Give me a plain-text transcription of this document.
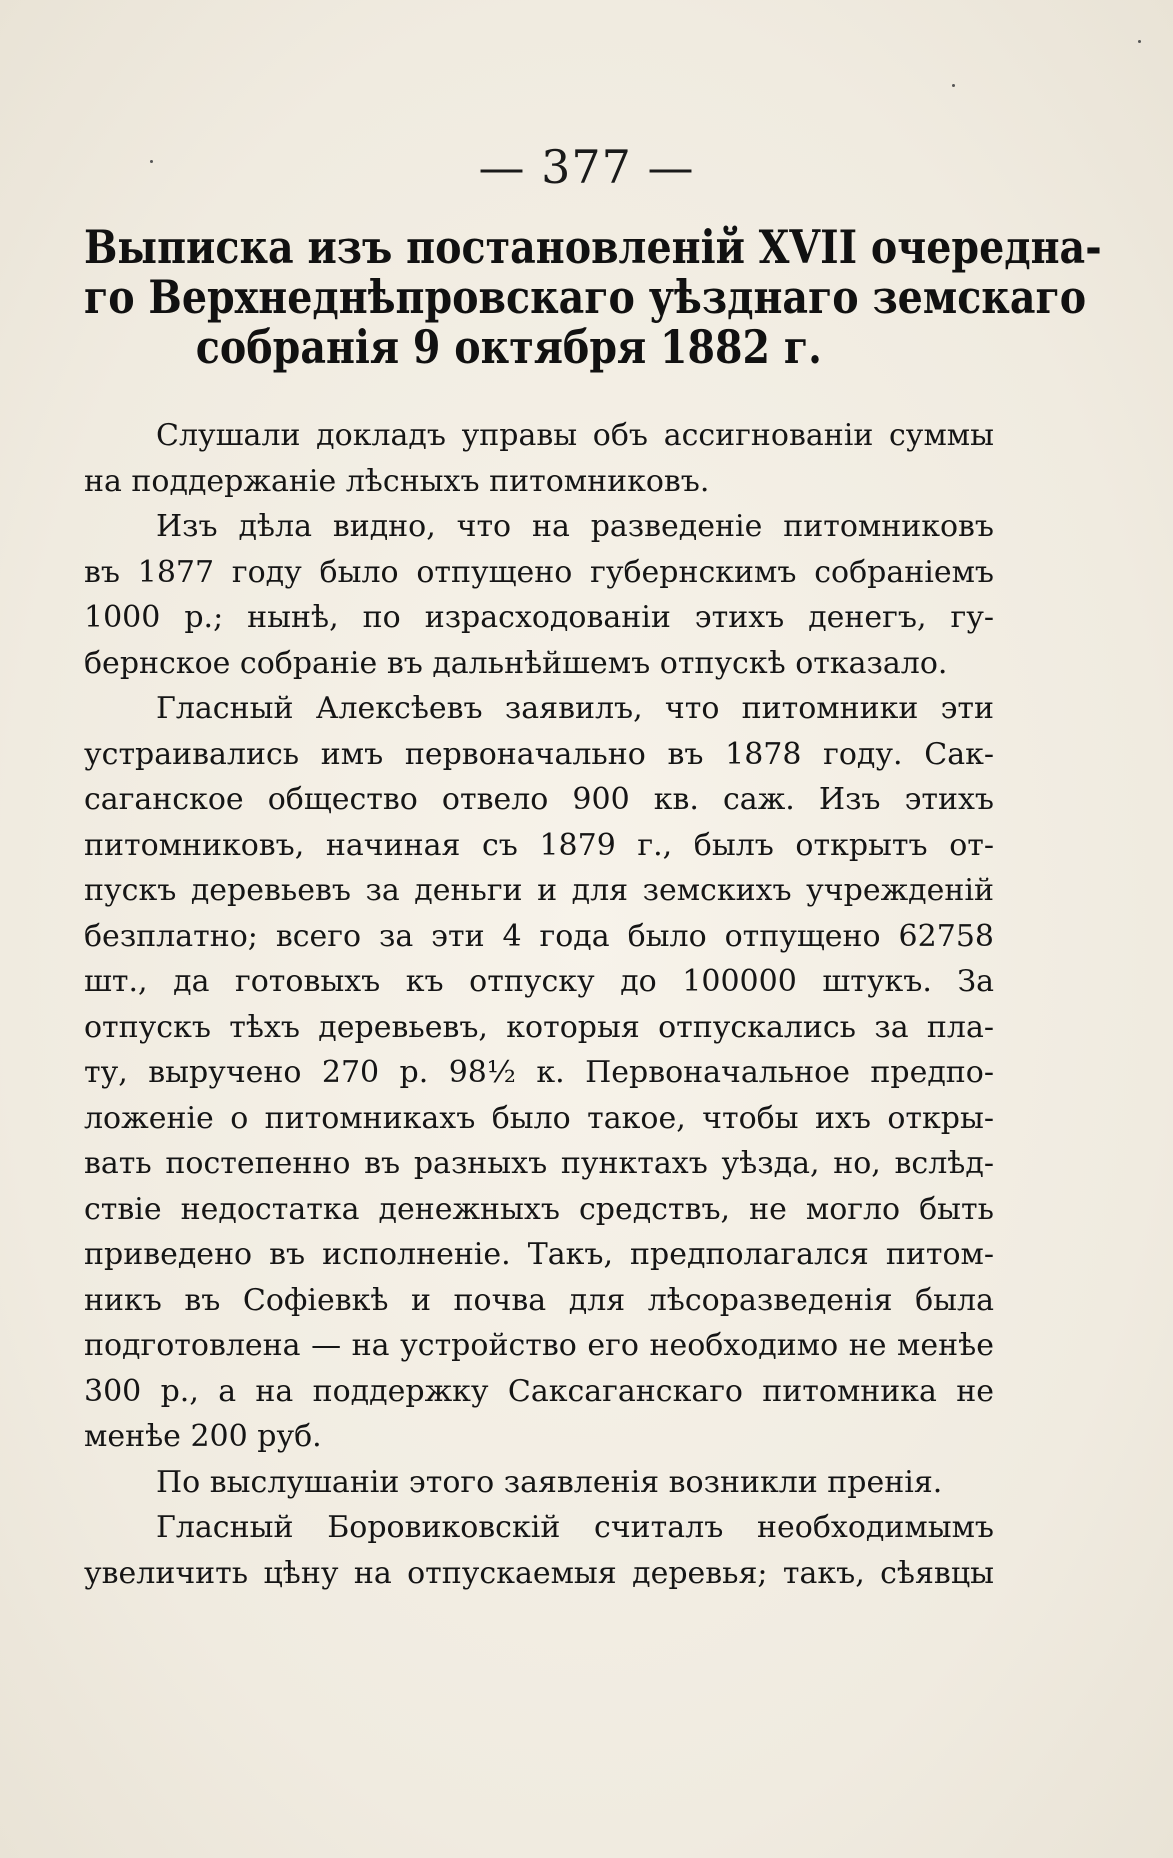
— 377 —
Выписка изъ постановленій XVII очередна-
го Верхнеднѣпровскаго уѣзднаго земскаго
собранія 9 октября 1882 г.
Слушали докладъ управы объ ассигнованіи суммы
на поддержаніе лѣсныхъ питомниковъ.
Изъ дѣла видно, что на разведеніе питомниковъ
въ 1877 году было отпущено губернскимъ собраніемъ
1000 р.; нынѣ, по израсходованіи этихъ денегъ, гу-
бернское собраніе въ дальнѣйшемъ отпускѣ отказало.
Гласный Алексѣевъ заявилъ, что питомники эти
устраивались имъ первоначально въ 1878 году. Сак-
саганское общество отвело 900 кв. саж. Изъ этихъ
питомниковъ, начиная съ 1879 г., былъ открытъ от-
пускъ деревьевъ за деньги и для земскихъ учрежденій
безплатно; всего за эти 4 года было отпущено 62758
шт., да готовыхъ къ отпуску до 100000 штукъ. За
отпускъ тѣхъ деревьевъ, которыя отпускались за пла-
ту, выручено 270 р. 98½ к. Первоначальное предпо-
ложеніе о питомникахъ было такое, чтобы ихъ откры-
вать постепенно въ разныхъ пунктахъ уѣзда, но, вслѣд-
ствіе недостатка денежныхъ средствъ, не могло быть
приведено въ исполненіе. Такъ, предполагался питом-
никъ въ Софіевкѣ и почва для лѣсоразведенія была
подготовлена — на устройство его необходимо не менѣе
300 р., а на поддержку Саксаганскаго питомника не
менѣе 200 руб.
По выслушаніи этого заявленія возникли пренія.
Гласный Боровиковскій считалъ необходимымъ
увеличить цѣну на отпускаемыя деревья; такъ, сѣявцы
